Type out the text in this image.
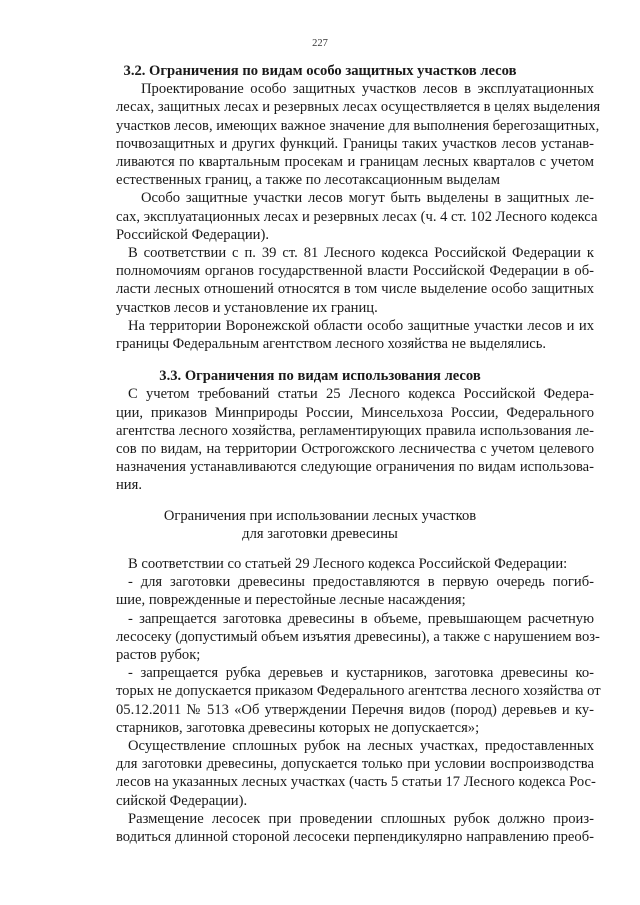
227
3.2. Ограничения по видам особо защитных участков лесов
Проектирование особо защитных участков лесов в эксплуатационных
лесах, защитных лесах и резервных лесах осуществляется в целях выделения
участков лесов, имеющих важное значение для выполнения берегозащитных,
почвозащитных и других функций. Границы таких участков лесов устанав-
ливаются по квартальным просекам и границам лесных кварталов с учетом
естественных границ, а также по лесотаксационным выделам
Особо защитные участки лесов могут быть выделены в защитных ле-
сах, эксплуатационных лесах и резервных лесах (ч. 4 ст. 102 Лесного кодекса
Российской Федерации).
В соответствии с п. 39 ст. 81 Лесного кодекса Российской Федерации к
полномочиям органов государственной власти Российской Федерации в об-
ласти лесных отношений относятся в том числе выделение особо защитных
участков лесов и установление их границ.
На территории Воронежской области особо защитные участки лесов и их
границы Федеральным агентством лесного хозяйства не выделялись.
3.3. Ограничения по видам использования лесов
С учетом требований статьи 25 Лесного кодекса Российской Федера-
ции, приказов Минприроды России, Минсельхоза России, Федерального
агентства лесного хозяйства, регламентирующих правила использования ле-
сов по видам, на территории Острогожского лесничества с учетом целевого
назначения устанавливаются следующие ограничения по видам использова-
ния.
Ограничения при использовании лесных участков
для заготовки древесины
В соответствии со статьей 29 Лесного кодекса Российской Федерации:
- для заготовки древесины предоставляются в первую очередь погиб-
шие, поврежденные и перестойные лесные насаждения;
- запрещается заготовка древесины в объеме, превышающем расчетную
лесосеку (допустимый объем изъятия древесины), а также с нарушением воз-
растов рубок;
- запрещается рубка деревьев и кустарников, заготовка древесины ко-
торых не допускается приказом Федерального агентства лесного хозяйства от
05.12.2011 № 513 «Об утверждении Перечня видов (пород) деревьев и ку-
старников, заготовка древесины которых не допускается»;
Осуществление сплошных рубок на лесных участках, предоставленных
для заготовки древесины, допускается только при условии воспроизводства
лесов на указанных лесных участках (часть 5 статьи 17 Лесного кодекса Рос-
сийской Федерации).
Размещение лесосек при проведении сплошных рубок должно произ-
водиться длинной стороной лесосеки перпендикулярно направлению преоб-
